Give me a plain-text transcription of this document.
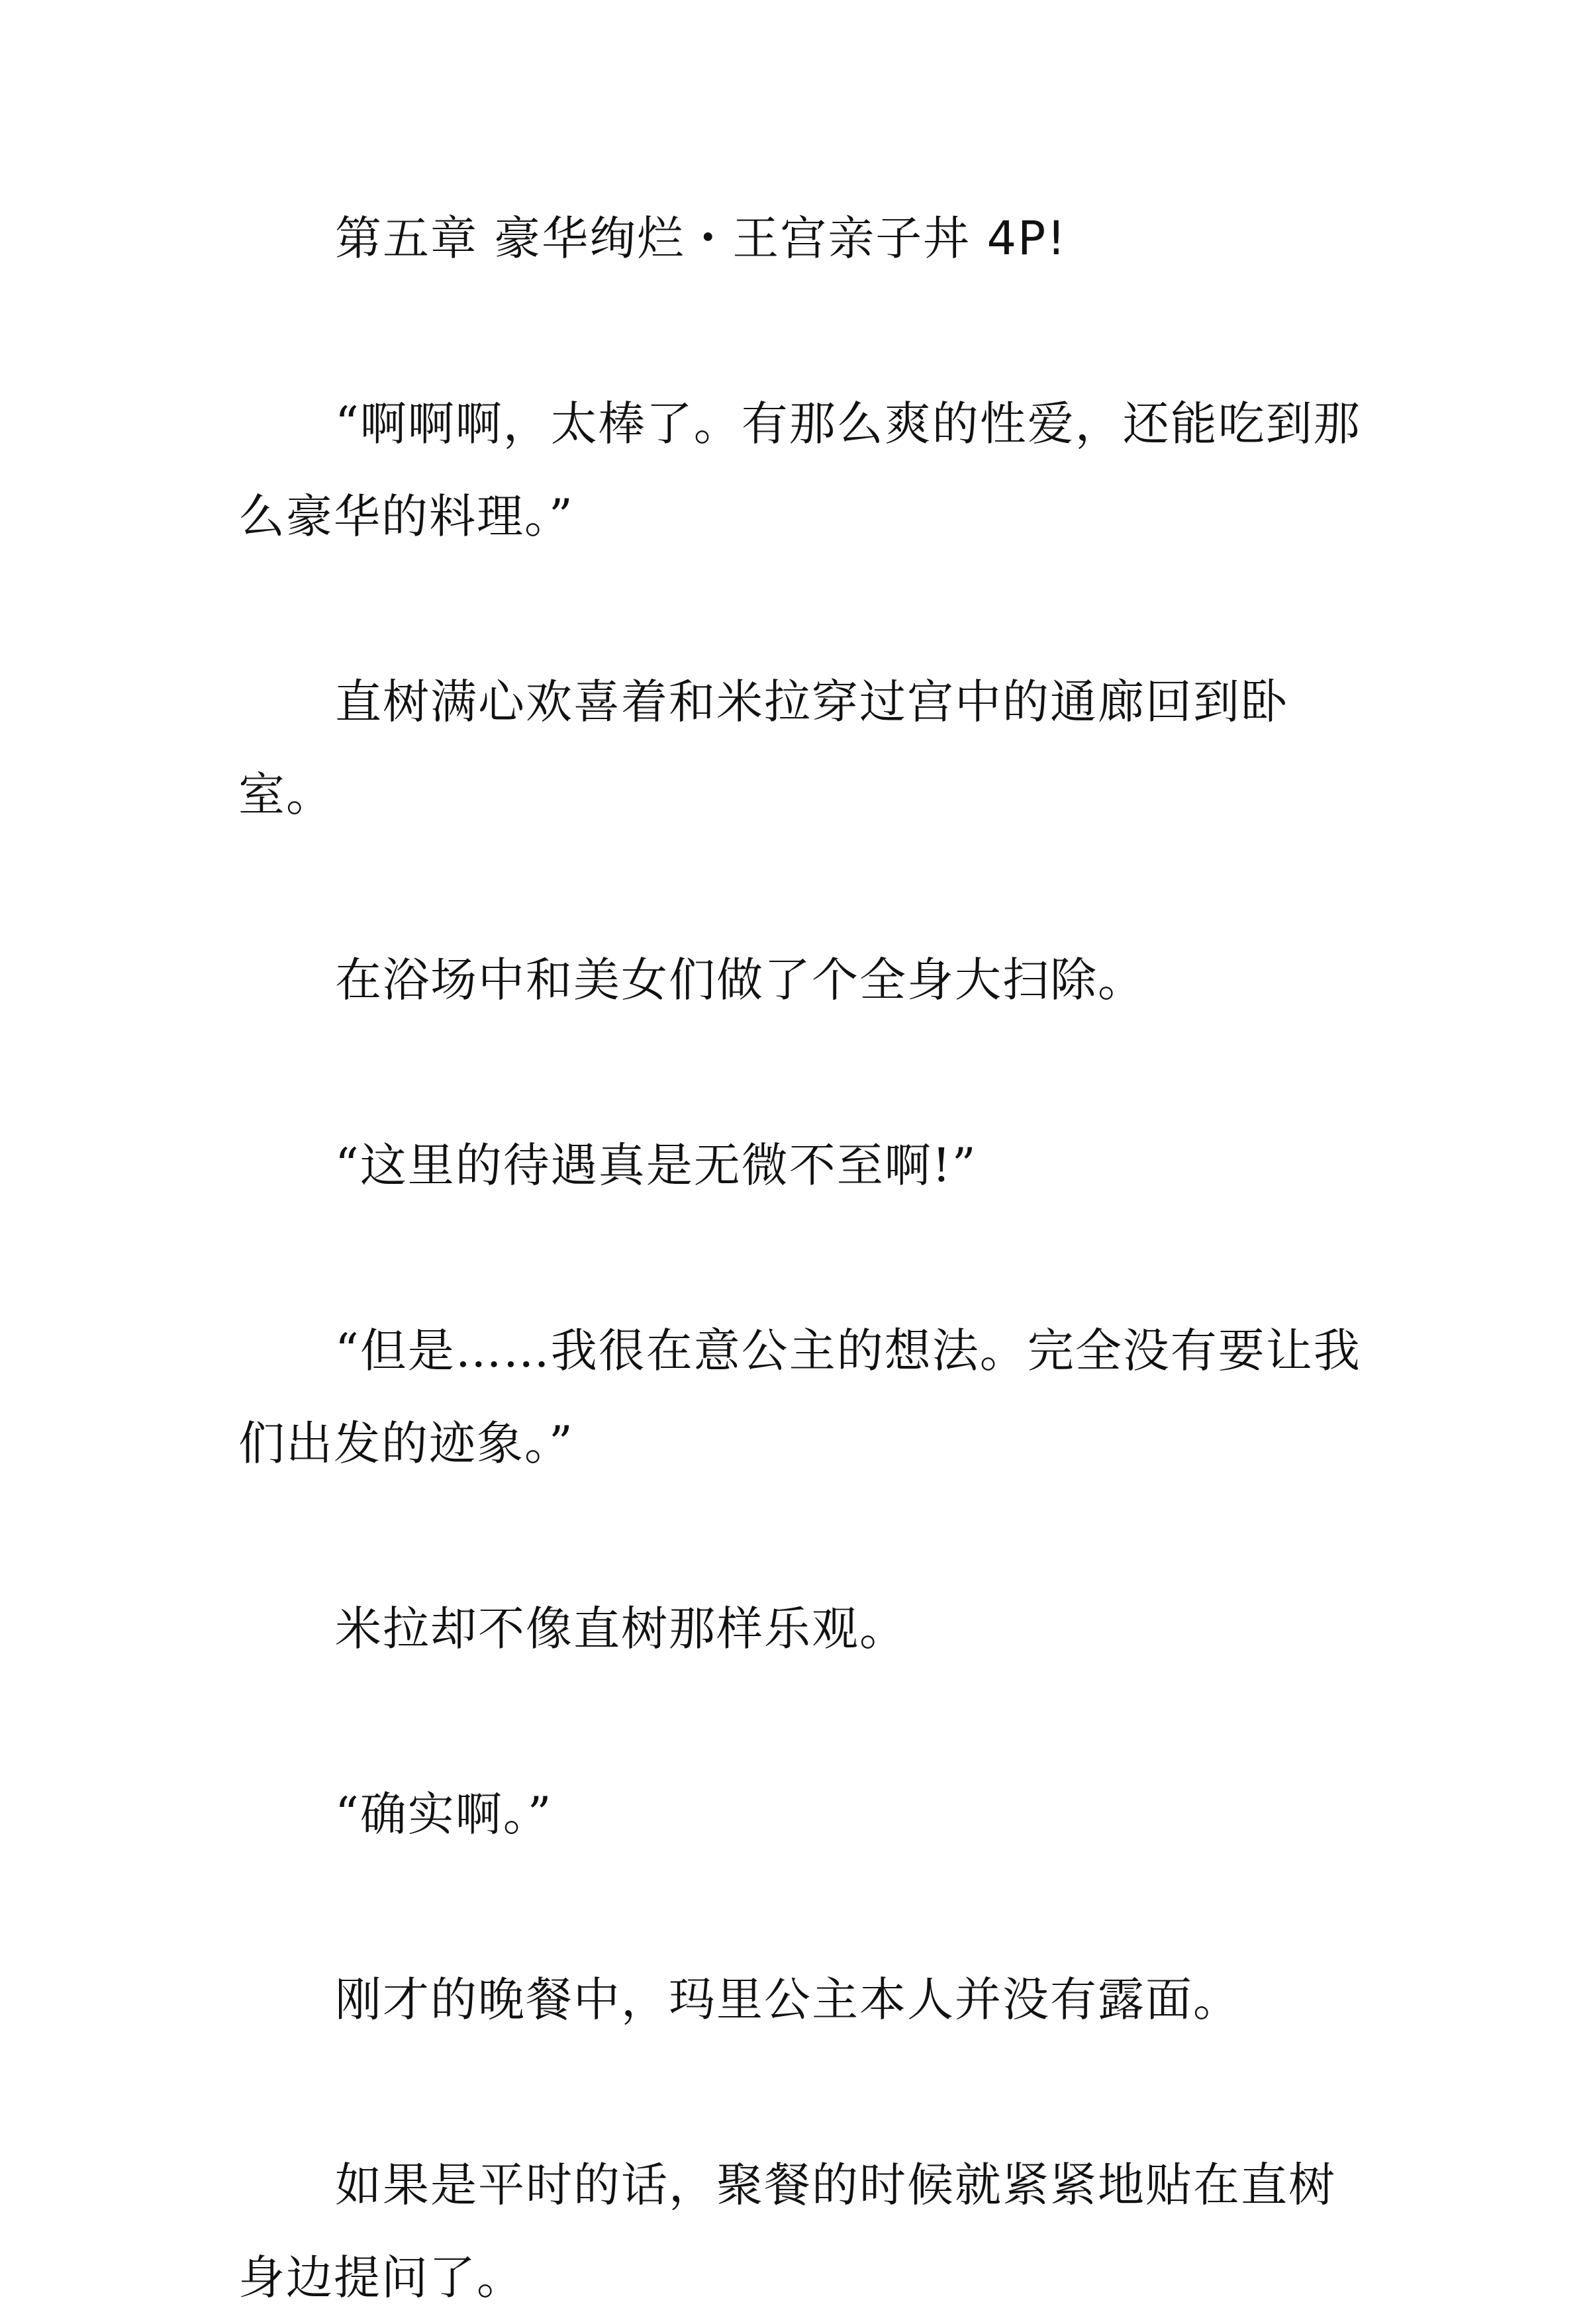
第五章 豪华绚烂・王宫亲子丼 4P!

“啊啊啊，太棒了。有那么爽的性爱，还能吃到那么豪华的料理。”

直树满心欢喜着和米拉穿过宫中的通廊回到卧室。

在浴场中和美女们做了个全身大扫除。

“这里的待遇真是无微不至啊!”

“但是……我很在意公主的想法。完全没有要让我们出发的迹象。”

米拉却不像直树那样乐观。

“确实啊。”

刚才的晚餐中，玛里公主本人并没有露面。

如果是平时的话，聚餐的时候就紧紧地贴在直树身边提问了。
